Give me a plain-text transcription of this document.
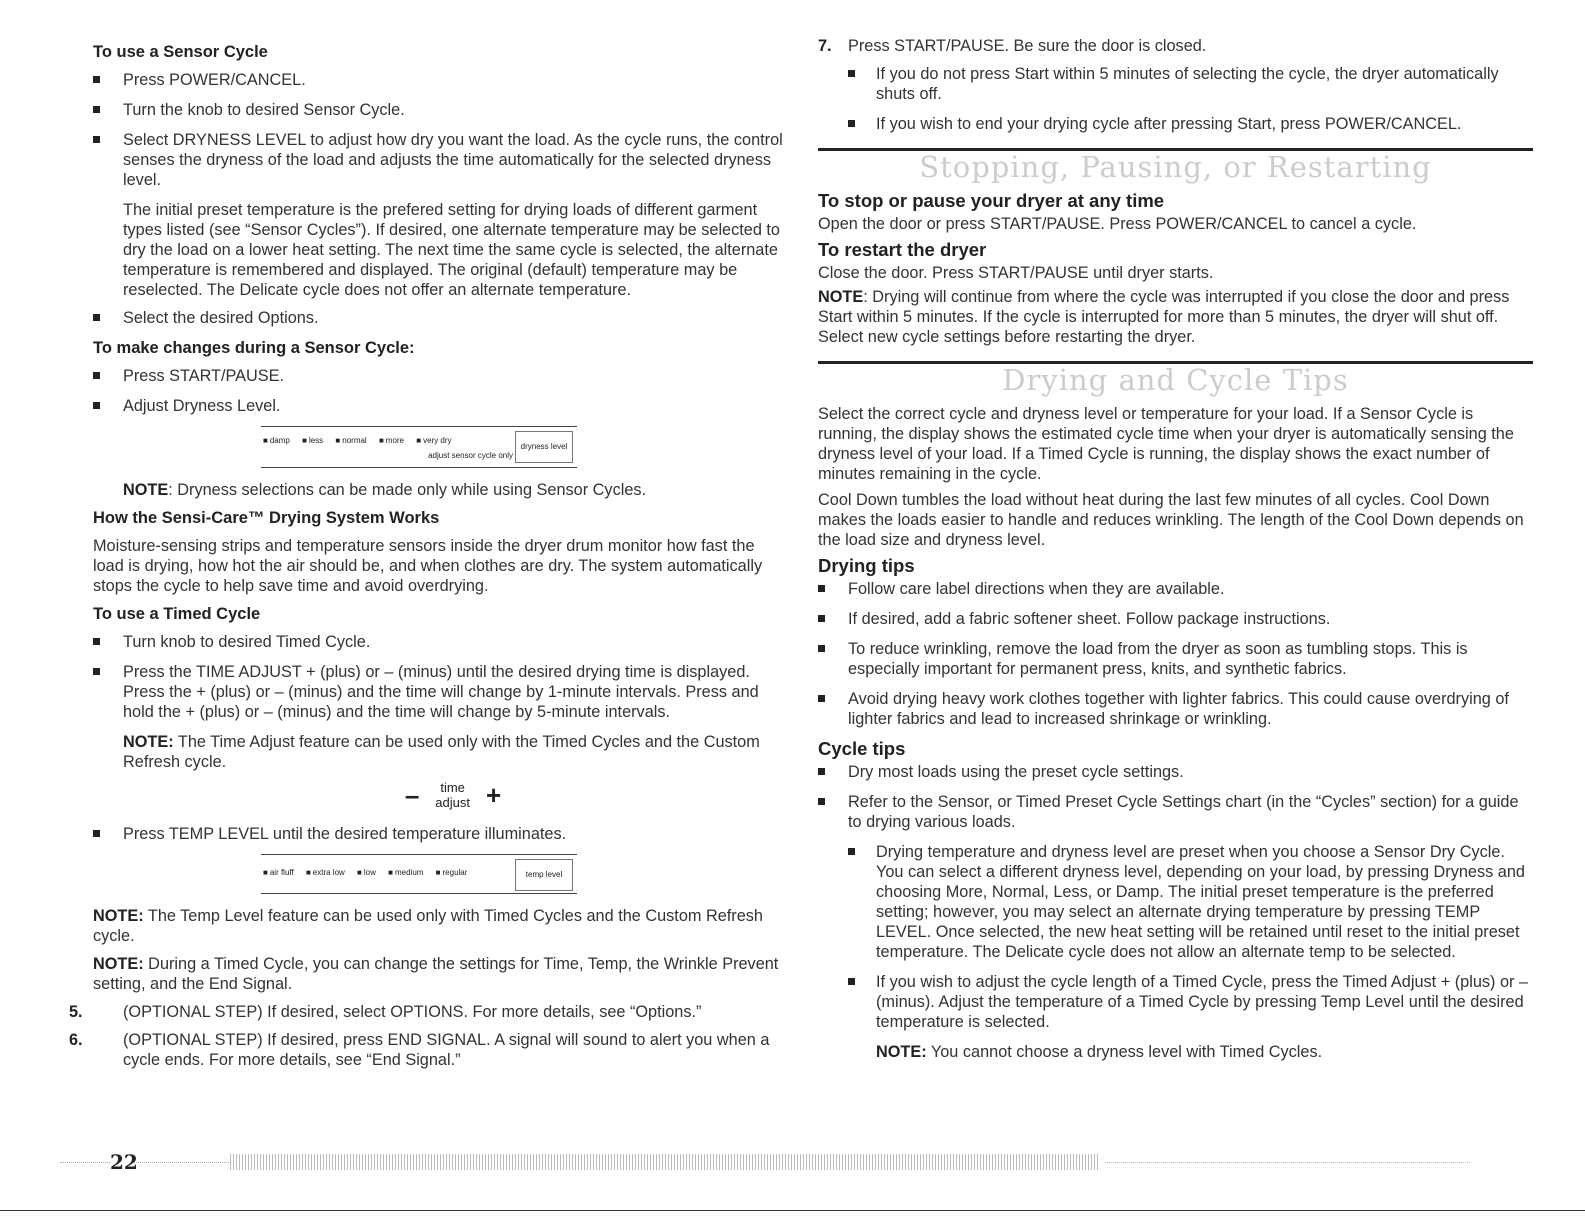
To use a Sensor Cycle

Press POWER/CANCEL.

Turn the knob to desired Sensor Cycle.

Select DRYNESS LEVEL to adjust how dry you want the load. As the cycle runs, the control senses the dryness of the load and adjusts the time automatically for the selected dryness level.

The initial preset temperature is the prefered setting for drying loads of different garment types listed (see “Sensor Cycles”). If desired, one alternate temperature may be selected to dry the load on a lower heat setting. The next time the same cycle is selected, the alternate temperature is remembered and displayed. The original (default) temperature may be reselected. The Delicate cycle does not offer an alternate temperature.

Select the desired Options.

To make changes during a Sensor Cycle:

Press START/PAUSE.

Adjust Dryness Level.

■ damp ■ less ■ normal ■ more ■ very dry
adjust sensor cycle only
dryness level

NOTE: Dryness selections can be made only while using Sensor Cycles.

How the Sensi-Care™ Drying System Works

Moisture-sensing strips and temperature sensors inside the dryer drum monitor how fast the load is drying, how hot the air should be, and when clothes are dry. The system automatically stops the cycle to help save time and avoid overdrying.

To use a Timed Cycle

Turn knob to desired Timed Cycle.

Press the TIME ADJUST + (plus) or – (minus) until the desired drying time is displayed. Press the + (plus) or – (minus) and the time will change by 1-minute intervals. Press and hold the + (plus) or – (minus) and the time will change by 5-minute intervals.

NOTE: The Time Adjust feature can be used only with the Timed Cycles and the Custom Refresh cycle.

–	time
adjust +

Press TEMP LEVEL until the desired temperature illuminates.

■ air fluff ■ extra low ■ low ■ medium ■ regular	temp level

NOTE: The Temp Level feature can be used only with Timed Cycles and the Custom Refresh cycle.

NOTE: During a Timed Cycle, you can change the settings for Time, Temp, the Wrinkle Prevent setting, and the End Signal.

5. (OPTIONAL STEP) If desired, select OPTIONS. For more details, see “Options.”

6. (OPTIONAL STEP) If desired, press END SIGNAL. A signal will sound to alert you when a cycle ends. For more details, see “End Signal.”

7. Press START/PAUSE. Be sure the door is closed.

If you do not press Start within 5 minutes of selecting the cycle, the dryer automatically shuts off.

If you wish to end your drying cycle after pressing Start, press POWER/CANCEL.

Stopping, Pausing, or Restarting

To stop or pause your dryer at any time

Open the door or press START/PAUSE. Press POWER/CANCEL to cancel a cycle.

To restart the dryer

Close the door. Press START/PAUSE until dryer starts.

NOTE: Drying will continue from where the cycle was interrupted if you close the door and press Start within 5 minutes. If the cycle is interrupted for more than 5 minutes, the dryer will shut off. Select new cycle settings before restarting the dryer.

Drying and Cycle Tips

Select the correct cycle and dryness level or temperature for your load. If a Sensor Cycle is running, the display shows the estimated cycle time when your dryer is automatically sensing the dryness level of your load. If a Timed Cycle is running, the display shows the exact number of minutes remaining in the cycle.

Cool Down tumbles the load without heat during the last few minutes of all cycles. Cool Down makes the loads easier to handle and reduces wrinkling. The length of the Cool Down depends on the load size and dryness level.

Drying tips

Follow care label directions when they are available.

If desired, add a fabric softener sheet. Follow package instructions.

To reduce wrinkling, remove the load from the dryer as soon as tumbling stops. This is especially important for permanent press, knits, and synthetic fabrics.

Avoid drying heavy work clothes together with lighter fabrics. This could cause overdrying of lighter fabrics and lead to increased shrinkage or wrinkling.

Cycle tips

Dry most loads using the preset cycle settings.

Refer to the Sensor, or Timed Preset Cycle Settings chart (in the “Cycles” section) for a guide to drying various loads.

Drying temperature and dryness level are preset when you choose a Sensor Dry Cycle. You can select a different dryness level, depending on your load, by pressing Dryness and choosing More, Normal, Less, or Damp. The initial preset temperature is the preferred setting; however, you may select an alternate drying temperature by pressing TEMP LEVEL. Once selected, the new heat setting will be retained until reset to the initial preset temperature. The Delicate cycle does not allow an alternate temp to be selected.

If you wish to adjust the cycle length of a Timed Cycle, press the Timed Adjust + (plus) or – (minus). Adjust the temperature of a Timed Cycle by pressing Temp Level until the desired temperature is selected.

NOTE: You cannot choose a dryness level with Timed Cycles.

22
